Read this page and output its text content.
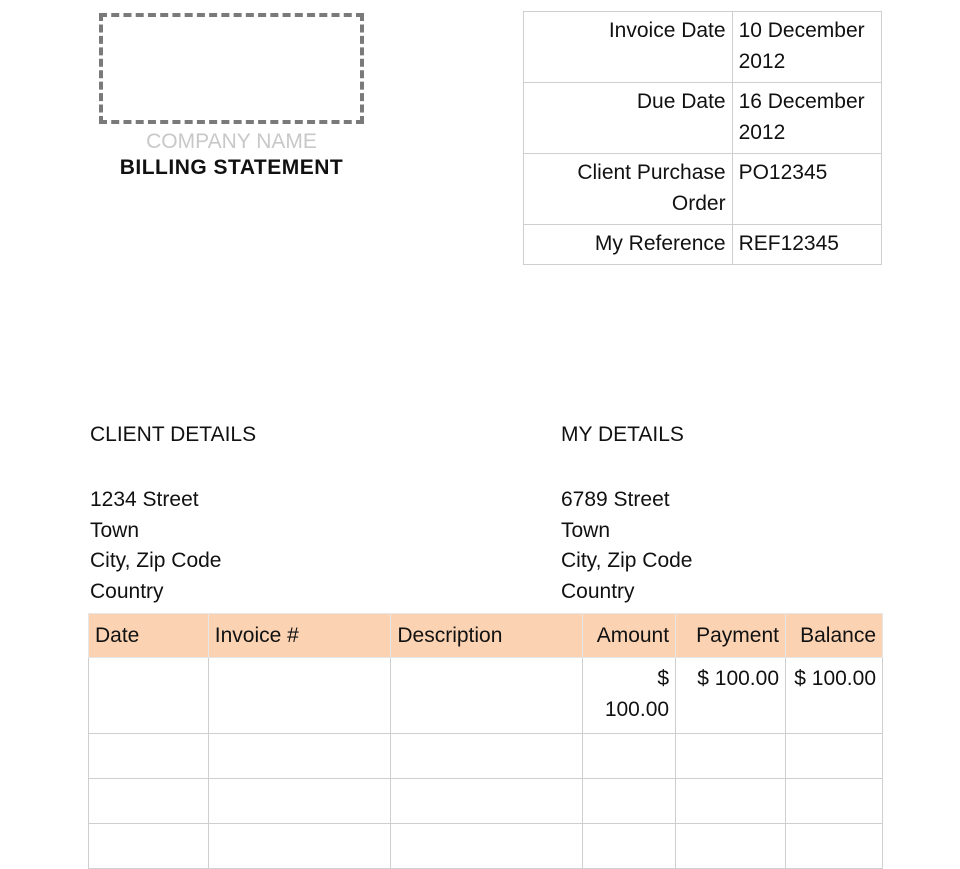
COMPANY NAME
BILLING STATEMENT
Invoice Date	10 December 2012
Due Date	16 December 2012
Client Purchase Order	PO12345
My Reference	REF12345
CLIENT DETAILS	MY DETAILS
1234 Street
Town
City, Zip Code
Country
6789 Street
Town
City, Zip Code
Country
Date	Invoice #	Description	Amount	Payment	Balance
			$ 100.00	$ 100.00	$ 100.00
